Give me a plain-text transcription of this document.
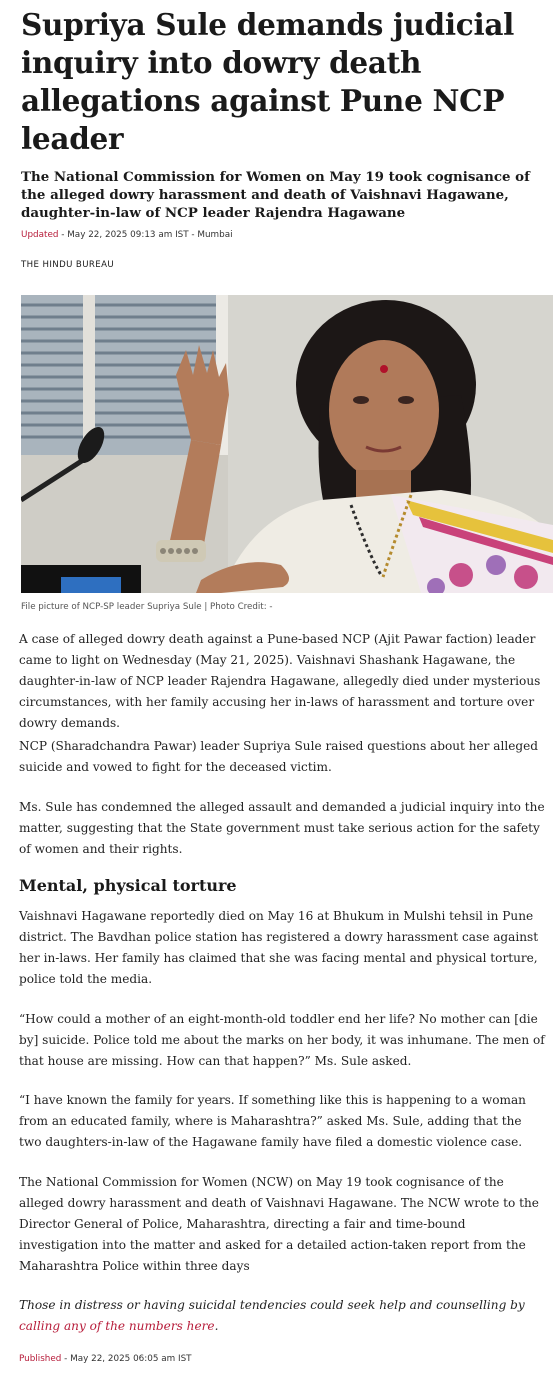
Supriya Sule demands judicial inquiry into dowry death allegations against Pune NCP leader

The National Commission for Women on May 19 took cognisance of the alleged dowry harassment and death of Vaishnavi Hagawane, daughter-in-law of NCP leader Rajendra Hagawane

Updated - May 22, 2025 09:13 am IST - Mumbai
THE HINDU BUREAU
File picture of NCP-SP leader Supriya Sule | Photo Credit: -

A case of alleged dowry death against a Pune-based NCP (Ajit Pawar faction) leader came to light on Wednesday (May 21, 2025). Vaishnavi Shashank Hagawane, the daughter-in-law of NCP leader Rajendra Hagawane, allegedly died under mysterious circumstances, with her family accusing her in-laws of harassment and torture over dowry demands.

NCP (Sharadchandra Pawar) leader Supriya Sule raised questions about her alleged suicide and vowed to fight for the deceased victim.

Ms. Sule has condemned the alleged assault and demanded a judicial inquiry into the matter, suggesting that the State government must take serious action for the safety of women and their rights.

Mental, physical torture

Vaishnavi Hagawane reportedly died on May 16 at Bhukum in Mulshi tehsil in Pune district. The Bavdhan police station has registered a dowry harassment case against her in-laws. Her family has claimed that she was facing mental and physical torture, police told the media.

“How could a mother of an eight-month-old toddler end her life? No mother can [die by] suicide. Police told me about the marks on her body, it was inhumane. The men of that house are missing. How can that happen?” Ms. Sule asked.

“I have known the family for years. If something like this is happening to a woman from an educated family, where is Maharashtra?” asked Ms. Sule, adding that the two daughters-in-law of the Hagawane family have filed a domestic violence case.

The National Commission for Women (NCW) on May 19 took cognisance of the alleged dowry harassment and death of Vaishnavi Hagawane. The NCW wrote to the Director General of Police, Maharashtra, directing a fair and time-bound investigation into the matter and asked for a detailed action-taken report from the Maharashtra Police within three days

Those in distress or having suicidal tendencies could seek help and counselling by calling any of the numbers here.

Published - May 22, 2025 06:05 am IST
